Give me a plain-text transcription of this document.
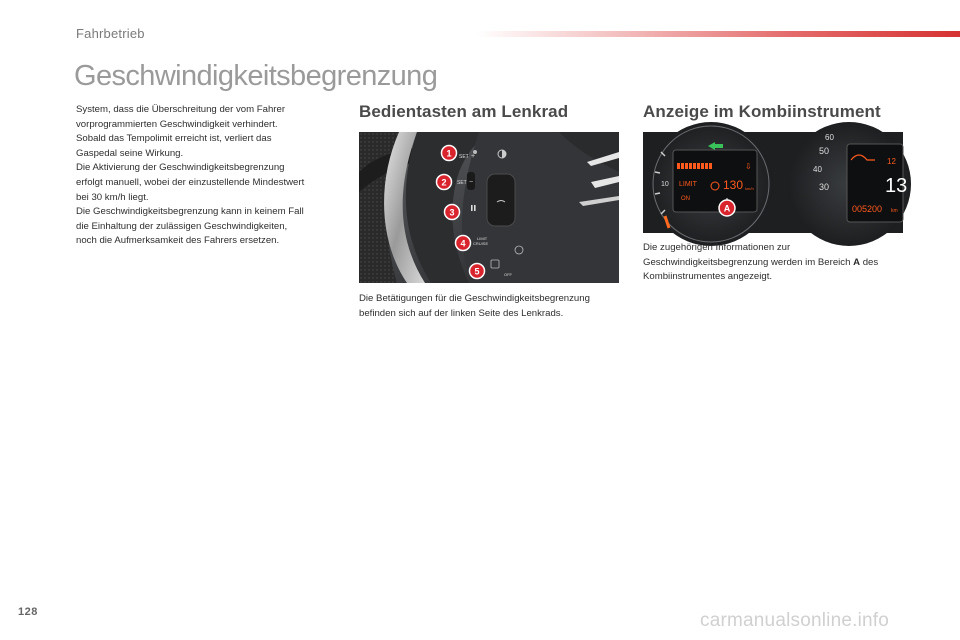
Fahrbetrieb
Geschwindigkeitsbegrenzung
System, dass die Überschreitung der vom Fahrer
vorprogrammierten Geschwindigkeit verhindert.
Sobald das Tempolimit erreicht ist, verliert das
Gaspedal seine Wirkung.
Die Aktivierung der Geschwindigkeitsbegrenzung
erfolgt manuell, wobei der einzustellende Mindestwert
bei 30 km/h liegt.
Die Geschwindigkeitsbegrenzung kann in keinem Fall
die Einhaltung der zulässigen Geschwindigkeiten,
noch die Aufmerksamkeit des Fahrers ersetzen.
Bedientasten am Lenkrad	Anzeige im Kombiinstrument
SET +
SET −
LIMIT
CRUISE
OFF
1
2
3
4
5
10
⇩
LIMIT
ON
130 km/h
50
30
40
60
12
13
005200 km
A

Die Betätigungen für die Geschwindigkeitsbegrenzung befinden sich auf der linken Seite des Lenkrads.

Die zugehörigen Informationen zur Geschwindigkeitsbegrenzung werden im Bereich A des Kombiinstrumentes angezeigt.

128	carmanualsonline.info
